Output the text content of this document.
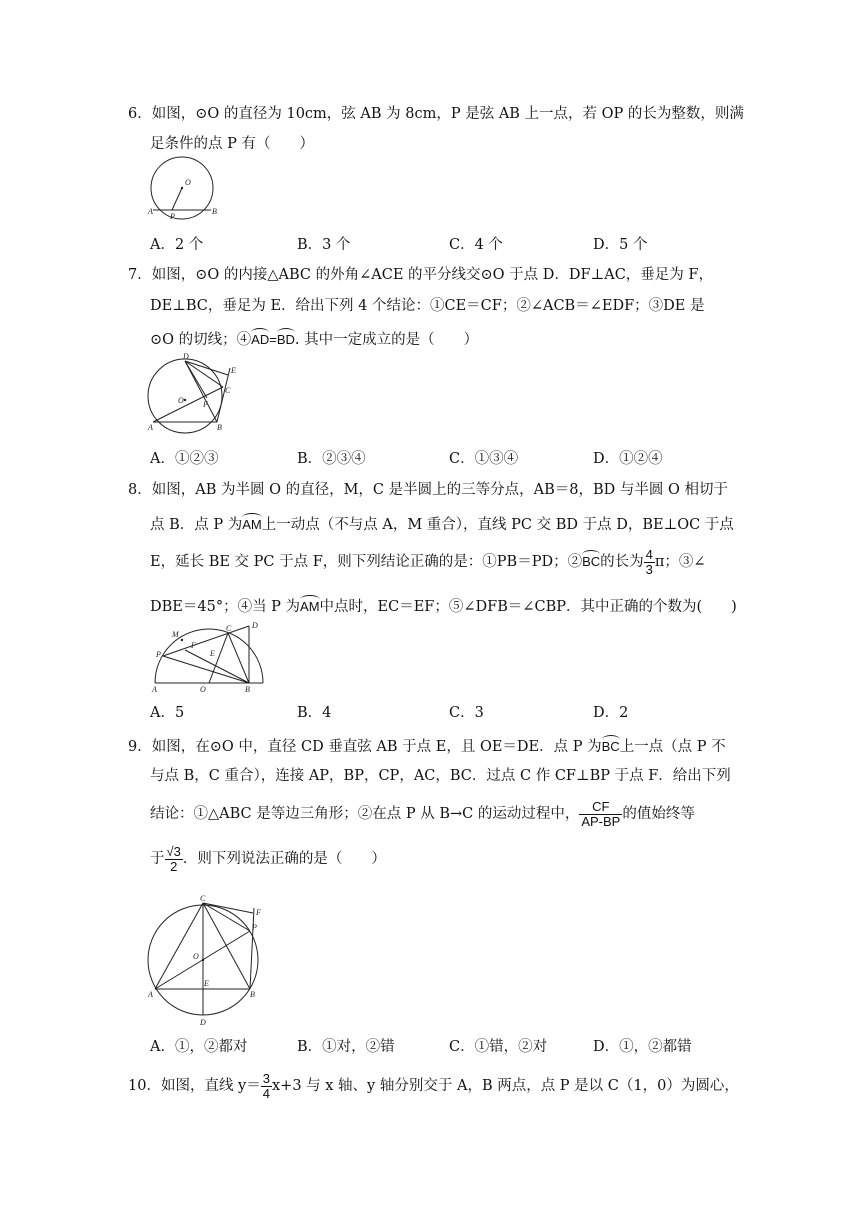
6．如图，⊙O 的直径为 10cm，弦 AB 为 8cm，P 是弦 AB 上一点，若 OP 的长为整数，则满
足条件的点 P 有（　　）
O
A
P
B
A．2 个	B．3 个	C．4 个	D．5 个
7．如图，⊙O 的内接△ABC 的外角∠ACE 的平分线交⊙O 于点 D．DF⊥AC，垂足为 F，
DE⊥BC，垂足为 E．给出下列 4 个结论：①CE＝CF；②∠ACB＝∠EDF；③DE 是
⊙O 的切线；④AD=BD. 其中一定成立的是（　　）
D
E
C
O F
A	B
A．①②③	B．②③④	C．①③④	D．①②④
8．如图，AB 为半圆 O 的直径，M，C 是半圆上的三等分点，AB＝8，BD 与半圆 O 相切于
点 B．点 P 为AM上一动点（不与点 A，M 重合），直线 PC 交 BD 于点 D，BE⊥OC 于点
E，延长 BE 交 PC 于点 F，则下列结论正确的是：①PB＝PD；②BC的长为 $\frac{4}{3}$ π；③∠
DBE＝45°；④当 P 为AM中点时，EC＝EF；⑤∠DFB＝∠CBP．其中正确的个数为(　　)
D
C
M
F
P	E
A	O	B
A．5	B．4	C．3	D．2
9．如图，在⊙O 中，直径 CD 垂直弦 AB 于点 E，且 OE＝DE．点 P 为BC上一点（点 P 不
与点 B，C 重合），连接 AP，BP，CP，AC，BC．过点 C 作 CF⊥BP 于点 F．给出下列
结论：①△ABC 是等边三角形；②在点 P 从 B→C 的运动过程中， $\frac{CF}{AP-BP}$ 的值始终等
于 $\frac{√3}{2}$ ．则下列说法正确的是（　　）
C
F
P
O
A
E
B
D
A．①，②都对	B．①对，②错	C．①错，②对	D．①，②都错
10．如图，直线 $y= \frac{3}{4} x+3$ 与 x 轴、y 轴分别交于 A，B 两点，点 P 是以 C（1，0）为圆心，
